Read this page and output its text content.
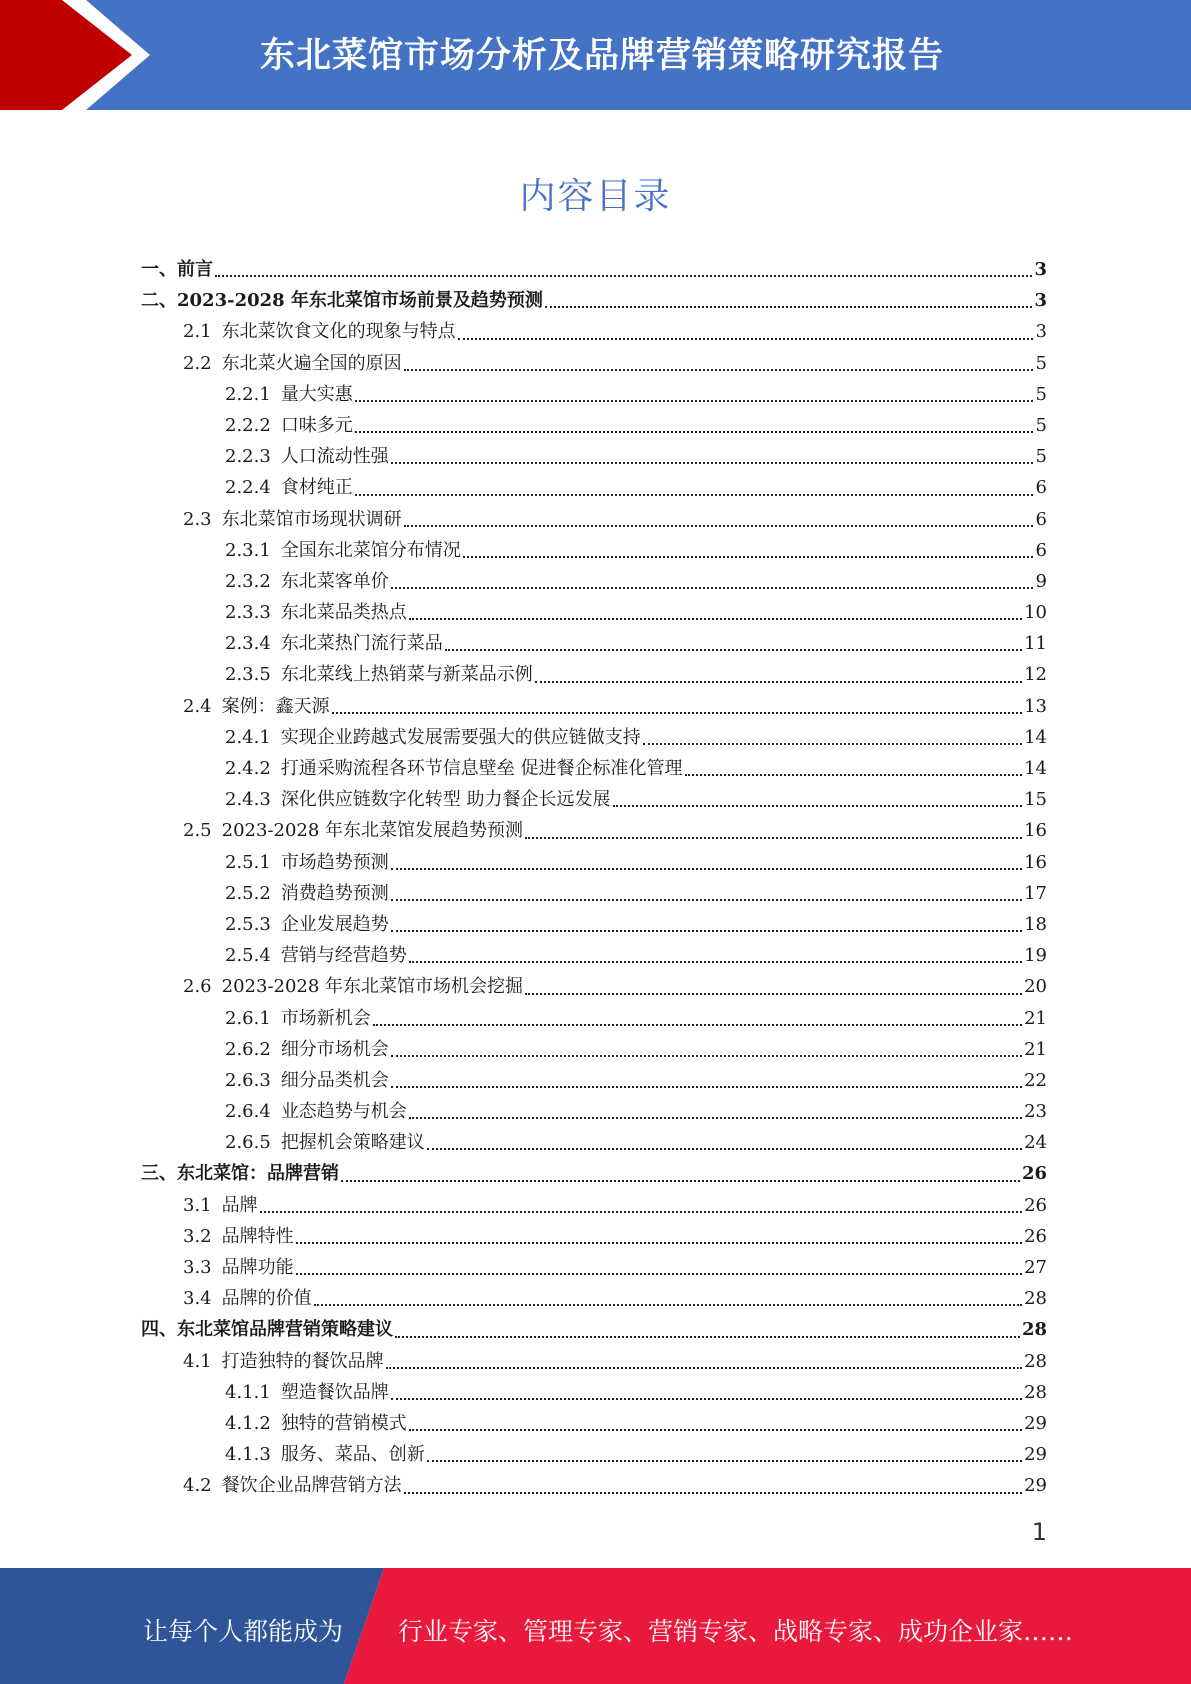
东北菜馆市场分析及品牌营销策略研究报告
内容目录
一、 前言	3
二、 2023-2028 年东北菜馆市场前景及趋势预测	3
2.1 东北菜饮食文化的现象与特点	3
2.2 东北菜火遍全国的原因	5
2.2.1 量大实惠	5
2.2.2 口味多元	5
2.2.3 人口流动性强	5
2.2.4 食材纯正	6
2.3 东北菜馆市场现状调研	6
2.3.1 全国东北菜馆分布情况	6
2.3.2 东北菜客单价	9
2.3.3 东北菜品类热点	10
2.3.4 东北菜热门流行菜品	11
2.3.5 东北菜线上热销菜与新菜品示例	12
2.4 案例：鑫天源	13
2.4.1 实现企业跨越式发展需要强大的供应链做支持	14
2.4.2 打通采购流程各环节信息壁垒 促进餐企标准化管理	14
2.4.3 深化供应链数字化转型 助力餐企长远发展	15
2.5 2023-2028 年东北菜馆发展趋势预测	16
2.5.1 市场趋势预测	16
2.5.2 消费趋势预测	17
2.5.3 企业发展趋势	18
2.5.4 营销与经营趋势	19
2.6 2023-2028 年东北菜馆市场机会挖掘	20
2.6.1 市场新机会	21
2.6.2 细分市场机会	21
2.6.3 细分品类机会	22
2.6.4 业态趋势与机会	23
2.6.5 把握机会策略建议	24
三、 东北菜馆：品牌营销	26
3.1 品牌	26
3.2 品牌特性	26
3.3 品牌功能	27
3.4 品牌的价值	28
四、 东北菜馆品牌营销策略建议	28
4.1 打造独特的餐饮品牌	28
4.1.1 塑造餐饮品牌	28
4.1.2 独特的营销模式	29
4.1.3 服务、菜品、创新	29
4.2 餐饮企业品牌营销方法	29
1
让每个人都能成为 行业专家、管理专家、营销专家、战略专家、成功企业家……
